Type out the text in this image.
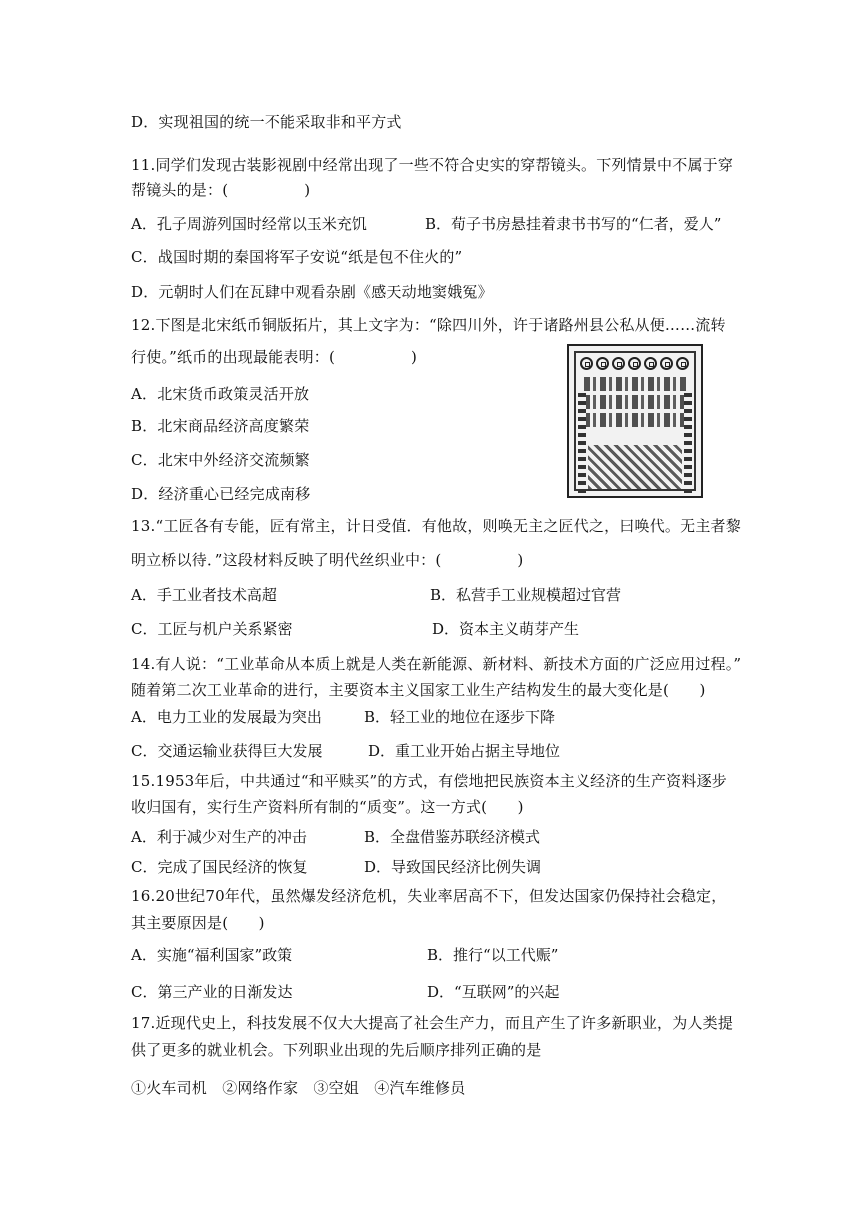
D．实现祖国的统一不能采取非和平方式
11.同学们发现古装影视剧中经常出现了一些不符合史实的穿帮镜头。下列情景中不属于穿
帮镜头的是：(　　　　　)
C．战国时期的秦国将军子安说“纸是包不住火的”
D．元朝时人们在瓦肆中观看杂剧《感天动地窦娥冤》
12.下图是北宋纸币铜版拓片，其上文字为：“除四川外，许于诸路州县公私从便……流转
行使。”纸币的出现最能表明：(　　　　　)
A．北宋货币政策灵活开放
B．北宋商品经济高度繁荣
C．北宋中外经济交流频繁
D．经济重心已经完成南移
13.“工匠各有专能，匠有常主，计日受值．有他故，则唤无主之匠代之，曰唤代。无主者黎
明立桥以待．”这段材料反映了明代丝织业中：(　　　　　)
14.有人说：“工业革命从本质上就是人类在新能源、新材料、新技术方面的广泛应用过程。”
随着第二次工业革命的进行，主要资本主义国家工业生产结构发生的最大变化是(　　)
15.1953年后，中共通过“和平赎买”的方式，有偿地把民族资本主义经济的生产资料逐步
收归国有，实行生产资料所有制的“质变”。这一方式(　　)
16.20世纪70年代，虽然爆发经济危机，失业率居高不下，但发达国家仍保持社会稳定，
其主要原因是(　　)
17.近现代史上，科技发展不仅大大提高了社会生产力，而且产生了许多新职业，为人类提
供了更多的就业机会。下列职业出现的先后顺序排列正确的是
①火车司机　②网络作家　③空姐　④汽车维修员
A．孔子周游列国时经常以玉米充饥	B．荀子书房悬挂着隶书书写的“仁者，爱人”
A．手工业者技术高超	B．私营手工业规模超过官营
C．工匠与机户关系紧密	D．资本主义萌芽产生
A．电力工业的发展最为突出	B．轻工业的地位在逐步下降
C．交通运输业获得巨大发展	D．重工业开始占据主导地位
A．利于减少对生产的冲击	B．全盘借鉴苏联经济模式
C．完成了国民经济的恢复	D．导致国民经济比例失调
A．实施“福利国家”政策	B．推行“以工代赈”
C．第三产业的日渐发达	D．“互联网”的兴起
